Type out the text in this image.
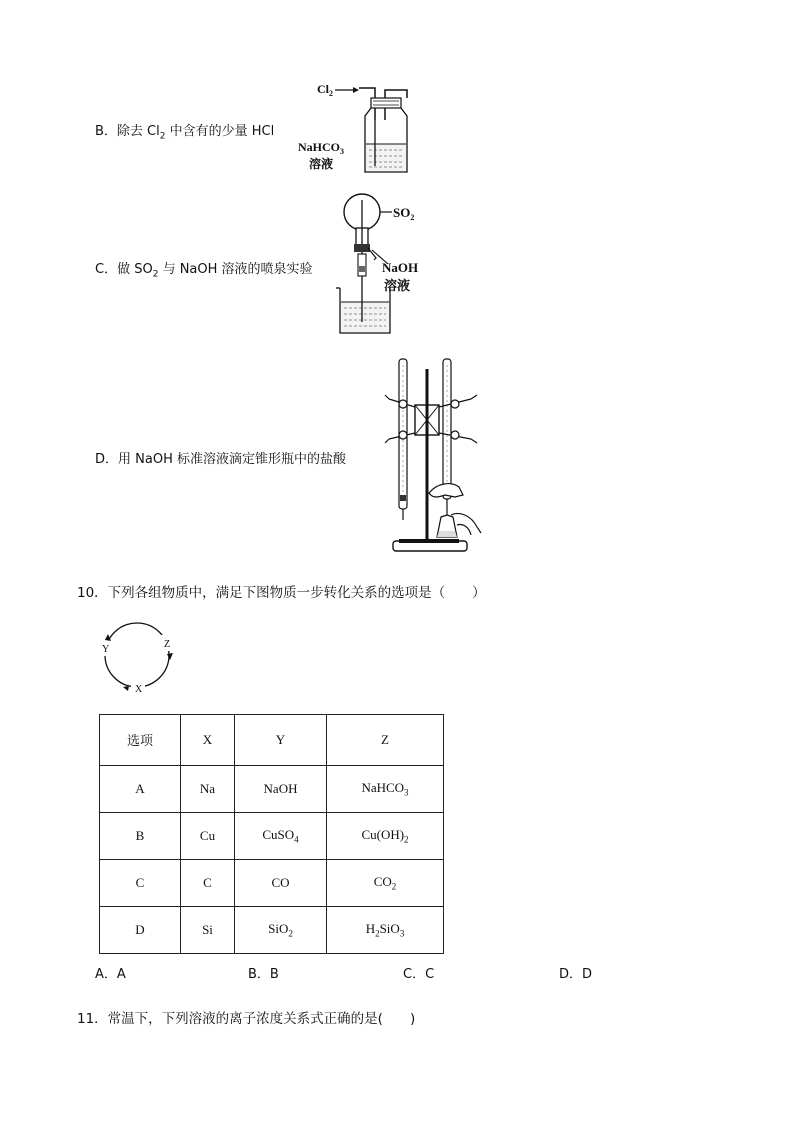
B．除去 $Cl_2$ 中含有的少量 HCl
$Cl_2$
NaHCO$_3$
溶液
C．做 $SO_2$ 与 NaOH 溶液的喷泉实验
$SO_2$
NaOH
溶液
D．用 NaOH 标准溶液滴定锥形瓶中的盐酸
10．下列各组物质中，满足下图物质一步转化关系的选项是（　　）
Y	Z
X
选项	X	Y	Z
A	Na	NaOH	NaHCO$_3$
B	Cu	CuSO$_4$	$Cu(OH)_2$
C	C	CO	$CO_2$
D	Si	SiO$_2$	$H_2SiO_3$
A．A	B．B	C．C	D．D
11．常温下，下列溶液的离子浓度关系式正确的是(　　)
